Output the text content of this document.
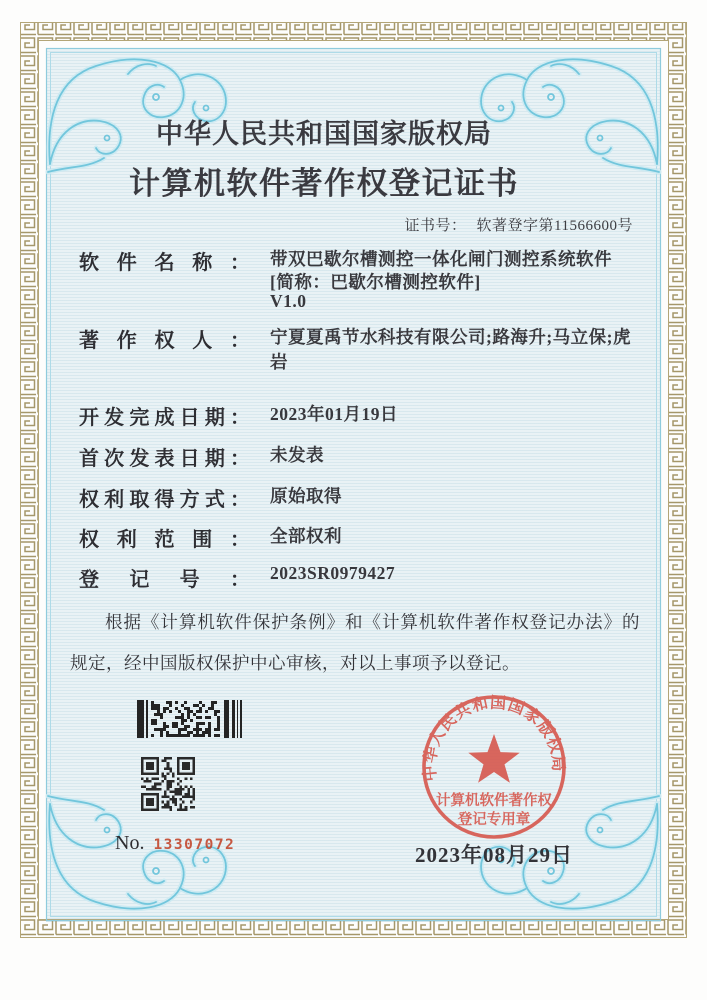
中华人民共和国国家版权局
计算机软件著作权登记证书
证书号： 软著登字第11566600号
软件名称： 带双巴歇尔槽测控一体化闸门测控系统软件
[简称：巴歇尔槽测控软件]
V1.0
著作权人： 宁夏夏禹节水科技有限公司;路海升;马立保;虎岩
开发完成日期： 2023年01月19日
首次发表日期： 未发表
权利取得方式： 原始取得
权利范围： 全部权利
登记号： 2023SR0979427
根据《计算机软件保护条例》和《计算机软件著作权登记办法》的规定，经中国版权保护中心审核，对以上事项予以登记。
中华人民共和国国家版权局
计算机软件著作权
登记专用章
2023年08月29日
No. 13307072
